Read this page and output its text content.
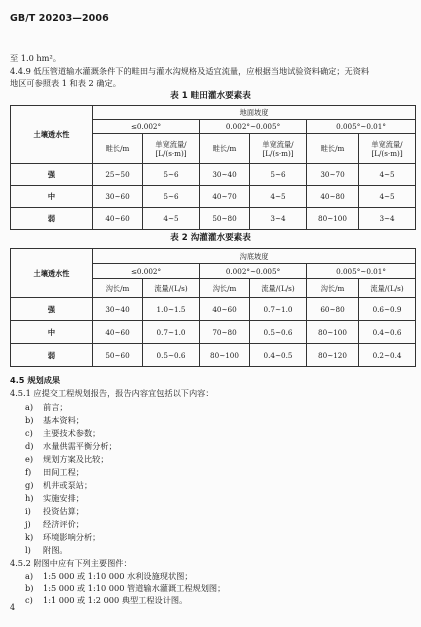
GB/T 20203—2006
至 1.0 hm²。
4.4.9 低压管道输水灌溉条件下的畦田与灌水沟规格及适宜流量，应根据当地试验资料确定；无资料
地区可参照表 1 和表 2 确定。
表 1 畦田灌水要素表
土壤透水性	地面坡度					
	≤0.002°		0.002°~0.005°		0.005°~0.01°	
	畦长/m	单宽流量/
[L/(s·m)]	畦长/m	单宽流量/
[L/(s·m)]	畦长/m	单宽流量/
[L/(s·m)]
强	25~50	5~6	30~40	5~6	30~70	4~5
中	30~60	5~6	40~70	4~5	40~80	4~5
弱	40~60	4~5	50~80	3~4	80~100	3~4
表 2 沟灌灌水要素表
土壤透水性	沟底坡度					
	≤0.002°		0.002°~0.005°		0.005°~0.01°	
	沟长/m	流量/(L/s)	沟长/m	流量/(L/s)	沟长/m	流量/(L/s)
强	30~40	1.0~1.5	40~60	0.7~1.0	60~80	0.6~0.9
中	40~60	0.7~1.0	70~80	0.5~0.6	80~100	0.4~0.6
弱	50~60	0.5~0.6	80~100	0.4~0.5	80~120	0.2~0.4
4.5 规划成果
4.5.1 应提交工程规划报告，报告内容宜包括以下内容：
a) 前言；
b) 基本资料；
c) 主要技术参数；
d) 水量供需平衡分析；
e) 规划方案及比较；
f) 田间工程；
g) 机井或泵站；
h) 实施安排；
i) 投资估算；
j) 经济评价；
k) 环境影响分析；
l) 附图。
4.5.2 附图中应有下列主要图件：
a) 1:5 000 或 1:10 000 水利设施现状图；
b) 1:5 000 或 1:10 000 管道输水灌溉工程规划图；
c) 1:1 000 或 1:2 000 典型工程设计图。
4
